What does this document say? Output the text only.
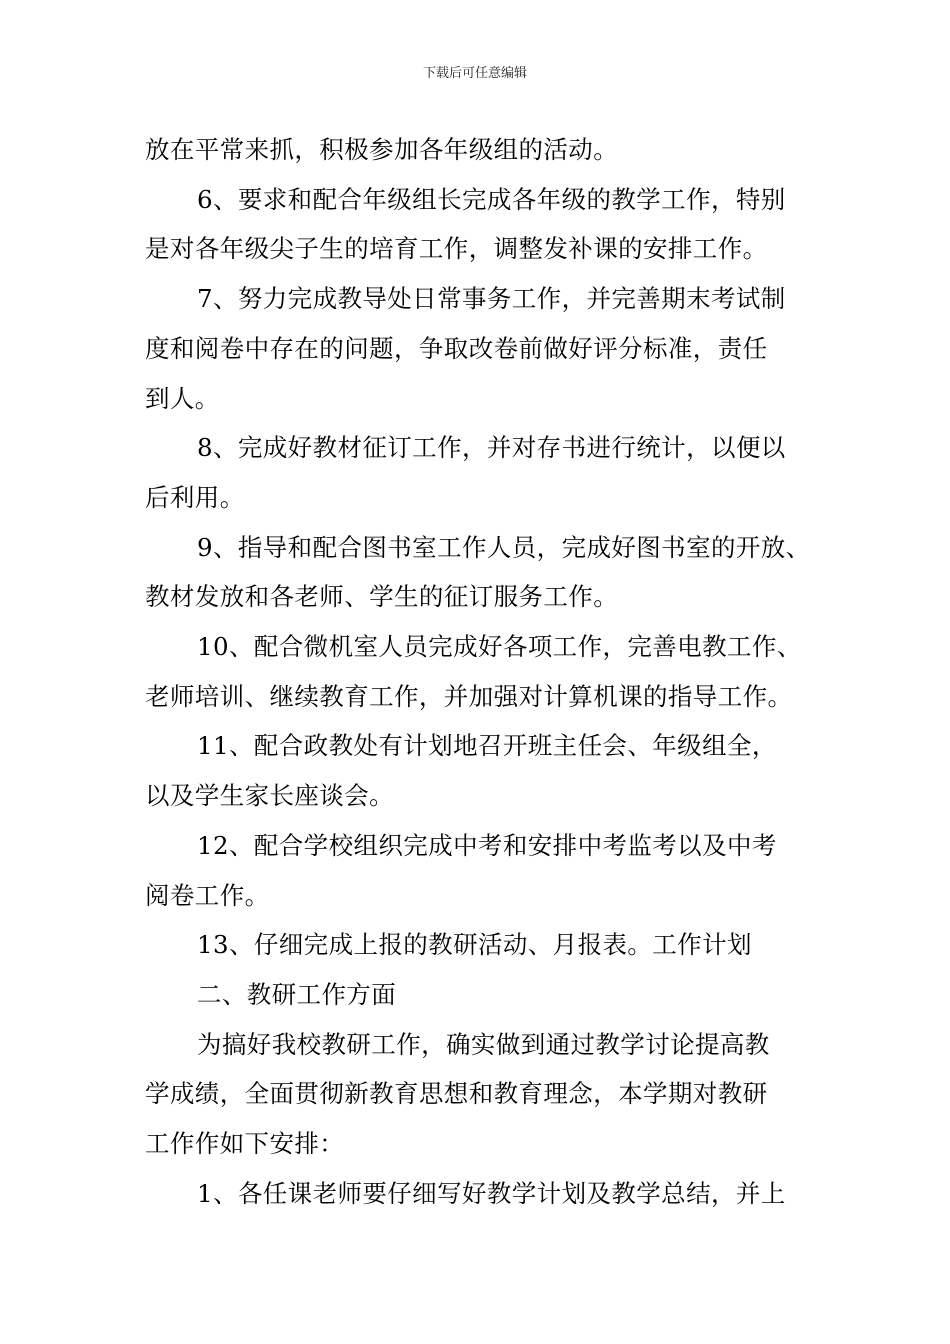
下载后可任意编辑

放在平常来抓，积极参加各年级组的活动。

6、要求和配合年级组长完成各年级的教学工作，特别

是对各年级尖子生的培育工作，调整发补课的安排工作。

7、努力完成教导处日常事务工作，并完善期末考试制

度和阅卷中存在的问题，争取改卷前做好评分标准，责任

到人。

8、完成好教材征订工作，并对存书进行统计，以便以

后利用。

9、指导和配合图书室工作人员，完成好图书室的开放、

教材发放和各老师、学生的征订服务工作。

10、配合微机室人员完成好各项工作，完善电教工作、

老师培训、继续教育工作，并加强对计算机课的指导工作。

11、配合政教处有计划地召开班主任会、年级组全，

以及学生家长座谈会。

12、配合学校组织完成中考和安排中考监考以及中考

阅卷工作。

13、仔细完成上报的教研活动、月报表。工作计划

二、教研工作方面

为搞好我校教研工作，确实做到通过教学讨论提高教

学成绩，全面贯彻新教育思想和教育理念，本学期对教研

工作作如下安排：

1、各任课老师要仔细写好教学计划及教学总结，并上
